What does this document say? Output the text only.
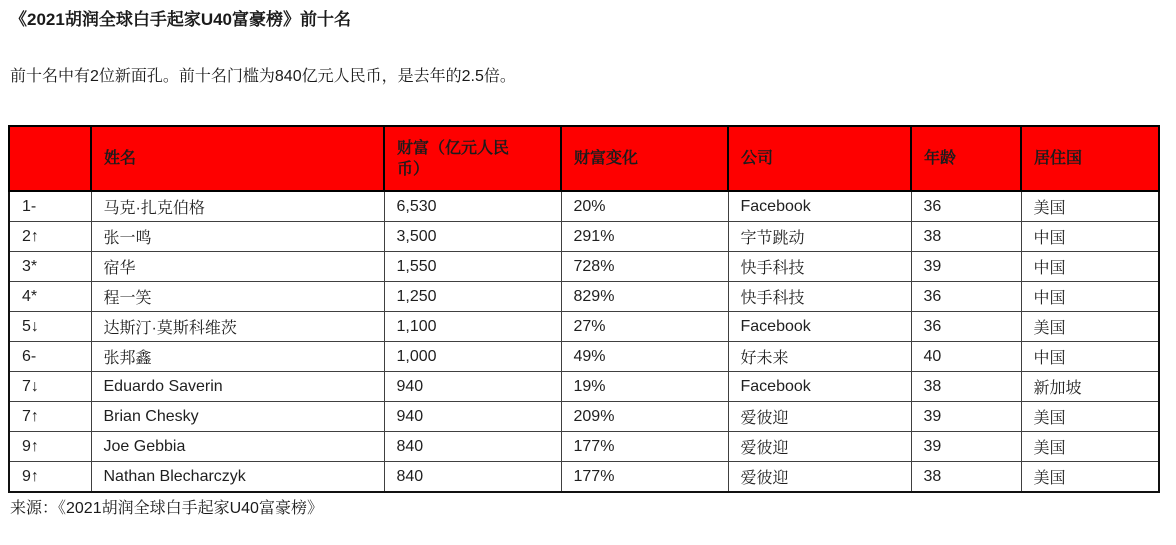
《2021胡润全球白手起家U40富豪榜》前十名
前十名中有2位新面孔。前十名门槛为840亿元人民币，是去年的2.5倍。
	姓名	财富（亿元人民币）	财富变化	公司	年龄	居住国
1-	马克·扎克伯格	6,530	20%	Facebook	36	美国
2↑	张一鸣	3,500	291%	字节跳动	38	中国
3*	宿华	1,550	728%	快手科技	39	中国
4*	程一笑	1,250	829%	快手科技	36	中国
5↓	达斯汀·莫斯科维茨	1,100	27%	Facebook	36	美国
6-	张邦鑫	1,000	49%	好未来	40	中国
7↓	Eduardo Saverin	940	19%	Facebook	38	新加坡
7↑	Brian Chesky	940	209%	爱彼迎	39	美国
9↑	Joe Gebbia	840	177%	爱彼迎	39	美国
9↑	Nathan Blecharczyk	840	177%	爱彼迎	38	美国
来源：《2021胡润全球白手起家U40富豪榜》
